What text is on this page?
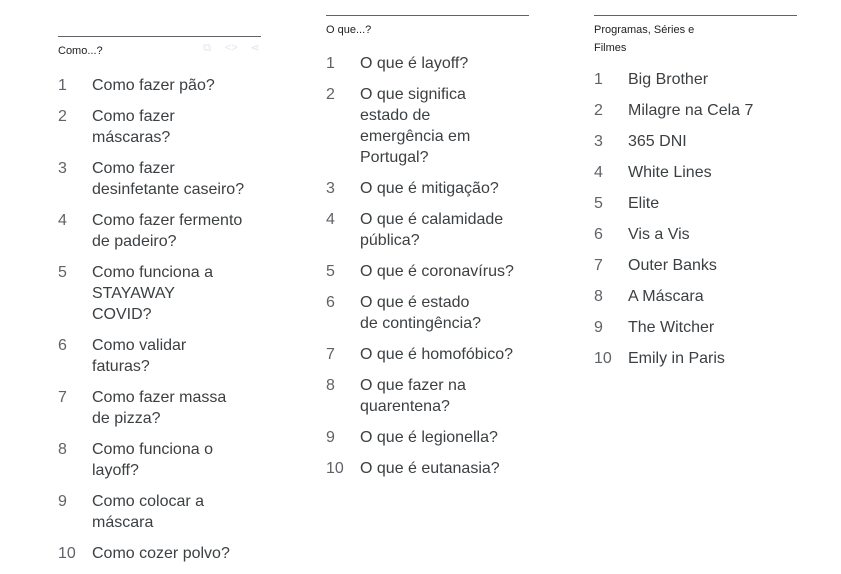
Como...?	⧉ <> ⋖
1	Como fazer pão?
2	Como fazer máscaras?
3	Como fazer desinfetante caseiro?
4	Como fazer fermento de padeiro?
5	Como funciona a STAYAWAY COVID?
6	Como validar faturas?
7	Como fazer massa de pizza?
8	Como funciona o layoff?
9	Como colocar a máscara
10	Como cozer polvo?
O que...?
1	O que é layoff?
2	O que significa estado de emergência em Portugal?
3	O que é mitigação?
4	O que é calamidade pública?
5	O que é coronavírus?
6	O que é estado de contingência?
7	O que é homofóbico?
8	O que fazer na quarentena?
9	O que é legionella?
10	O que é eutanasia?
Programas, Séries e Filmes
1	Big Brother
2	Milagre na Cela 7
3	365 DNI
4	White Lines
5	Elite
6	Vis a Vis
7	Outer Banks
8	A Máscara
9	The Witcher
10	Emily in Paris
